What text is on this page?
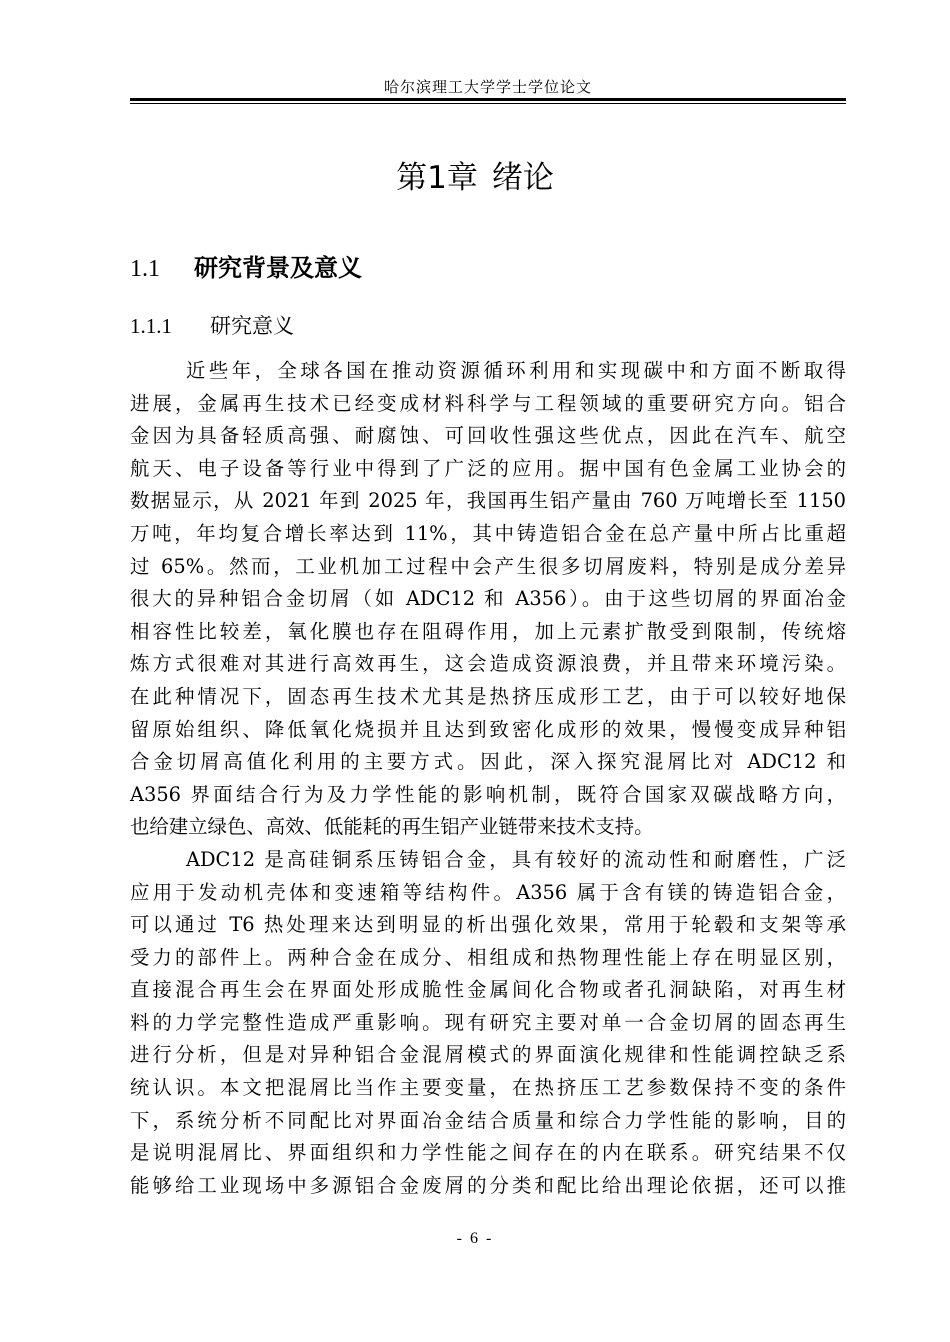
哈尔滨理工大学学士学位论文
第1章 绪论
1.1 研究背景及意义
1.1.1 研究意义
近些年，全球各国在推动资源循环利用和实现碳中和方面不断取得
进展，金属再生技术已经变成材料科学与工程领域的重要研究方向。铝合
金因为具备轻质高强、耐腐蚀、可回收性强这些优点，因此在汽车、航空
航天、电子设备等行业中得到了广泛的应用。据中国有色金属工业协会的
数据显示，从 2021 年到 2025 年，我国再生铝产量由 760 万吨增长至 1150
万吨，年均复合增长率达到 11%，其中铸造铝合金在总产量中所占比重超
过 65%。然而，工业机加工过程中会产生很多切屑废料，特别是成分差异
很大的异种铝合金切屑（如 ADC12 和 A356）。由于这些切屑的界面冶金
相容性比较差，氧化膜也存在阻碍作用，加上元素扩散受到限制，传统熔
炼方式很难对其进行高效再生，这会造成资源浪费，并且带来环境污染。
在此种情况下，固态再生技术尤其是热挤压成形工艺，由于可以较好地保
留原始组织、降低氧化烧损并且达到致密化成形的效果，慢慢变成异种铝
合金切屑高值化利用的主要方式。因此，深入探究混屑比对 ADC12 和
A356 界面结合行为及力学性能的影响机制，既符合国家双碳战略方向，
也给建立绿色、高效、低能耗的再生铝产业链带来技术支持。
ADC12 是高硅铜系压铸铝合金，具有较好的流动性和耐磨性，广泛
应用于发动机壳体和变速箱等结构件。A356 属于含有镁的铸造铝合金，
可以通过 T6 热处理来达到明显的析出强化效果，常用于轮毂和支架等承
受力的部件上。两种合金在成分、相组成和热物理性能上存在明显区别，
直接混合再生会在界面处形成脆性金属间化合物或者孔洞缺陷，对再生材
料的力学完整性造成严重影响。现有研究主要对单一合金切屑的固态再生
进行分析，但是对异种铝合金混屑模式的界面演化规律和性能调控缺乏系
统认识。本文把混屑比当作主要变量，在热挤压工艺参数保持不变的条件
下，系统分析不同配比对界面冶金结合质量和综合力学性能的影响，目的
是说明混屑比、界面组织和力学性能之间存在的内在联系。研究结果不仅
能够给工业现场中多源铝合金废屑的分类和配比给出理论依据，还可以推
- 6 -
